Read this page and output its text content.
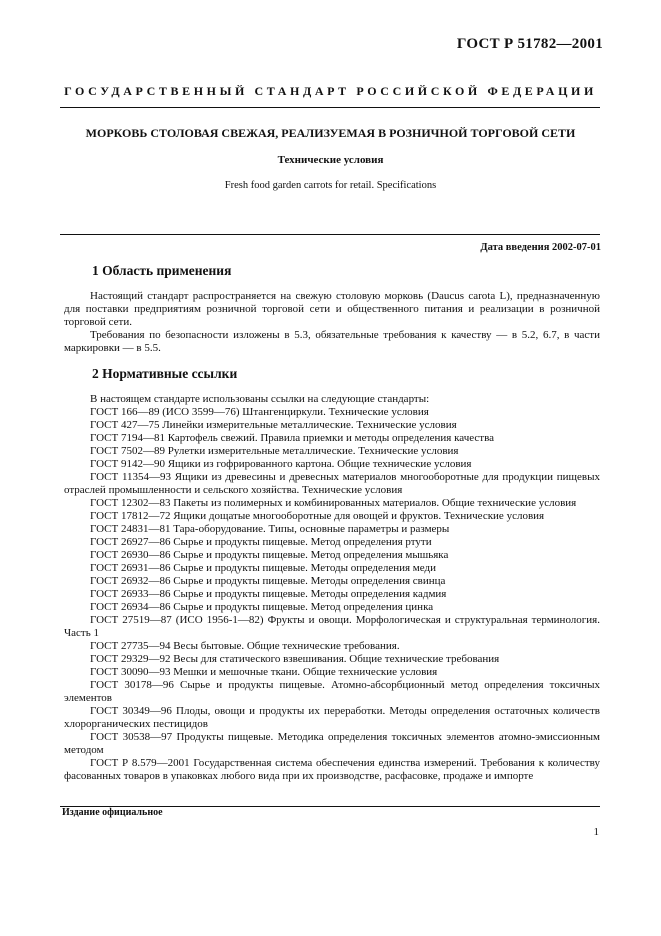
ГОСТ Р 51782—2001
ГОСУДАРСТВЕННЫЙ СТАНДАРТ РОССИЙСКОЙ ФЕДЕРАЦИИ
МОРКОВЬ СТОЛОВАЯ СВЕЖАЯ, РЕАЛИЗУЕМАЯ В РОЗНИЧНОЙ ТОРГОВОЙ СЕТИ
Технические условия
Fresh food garden carrots for retail. Specifications
Дата введения 2002-07-01
1 Область применения

Настоящий стандарт распространяется на свежую столовую морковь (Daucus carota L), предназначенную для поставки предприятиям розничной торговой сети и общественного питания и реализации в розничной торговой сети.

Требования по безопасности изложены в 5.3, обязательные требования к качеству — в 5.2, 6.7, в части маркировки — в 5.5.

2 Нормативные ссылки

В настоящем стандарте использованы ссылки на следующие стандарты:

ГОСТ 166—89 (ИСО 3599—76) Штангенциркули. Технические условия

ГОСТ 427—75 Линейки измерительные металлические. Технические условия

ГОСТ 7194—81 Картофель свежий. Правила приемки и методы определения качества

ГОСТ 7502—89 Рулетки измерительные металлические. Технические условия

ГОСТ 9142—90 Ящики из гофрированного картона. Общие технические условия

ГОСТ 11354—93 Ящики из древесины и древесных материалов многооборотные для продукции пищевых отраслей промышленности и сельского хозяйства. Технические условия

ГОСТ 12302—83 Пакеты из полимерных и комбинированных материалов. Общие технические условия

ГОСТ 17812—72 Ящики дощатые многооборотные для овощей и фруктов. Технические условия

ГОСТ 24831—81 Тара-оборудование. Типы, основные параметры и размеры

ГОСТ 26927—86 Сырье и продукты пищевые. Метод определения ртути

ГОСТ 26930—86 Сырье и продукты пищевые. Метод определения мышьяка

ГОСТ 26931—86 Сырье и продукты пищевые. Методы определения меди

ГОСТ 26932—86 Сырье и продукты пищевые. Методы определения свинца

ГОСТ 26933—86 Сырье и продукты пищевые. Методы определения кадмия

ГОСТ 26934—86 Сырье и продукты пищевые. Метод определения цинка

ГОСТ 27519—87 (ИСО 1956-1—82) Фрукты и овощи. Морфологическая и структуральная терминология. Часть 1

ГОСТ 27735—94 Весы бытовые. Общие технические требования.

ГОСТ 29329—92 Весы для статического взвешивания. Общие технические требования

ГОСТ 30090—93 Мешки и мешочные ткани. Общие технические условия

ГОСТ 30178—96 Сырье и продукты пищевые. Атомно-абсорбционный метод определения токсичных элементов

ГОСТ 30349—96 Плоды, овощи и продукты их переработки. Методы определения остаточных количеств хлорорганических пестицидов

ГОСТ 30538—97 Продукты пищевые. Методика определения токсичных элементов атомно-эмиссионным методом

ГОСТ Р 8.579—2001 Государственная система обеспечения единства измерений. Требования к количеству фасованных товаров в упаковках любого вида при их производстве, расфасовке, продаже и импорте

Издание официальное
1
